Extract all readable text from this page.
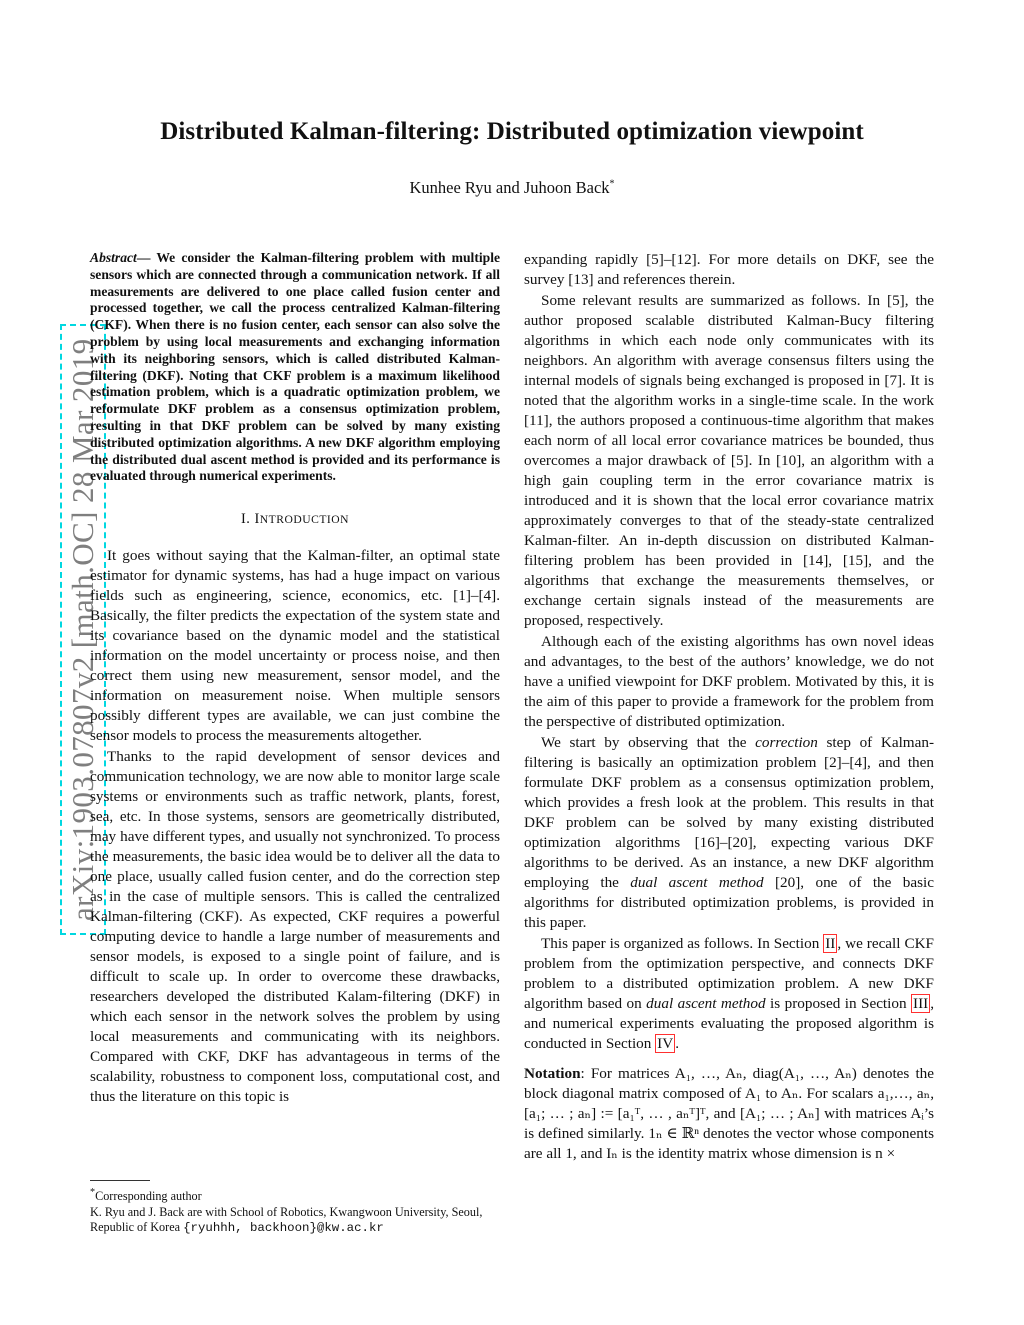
Distributed Kalman-filtering: Distributed optimization viewpoint
Kunhee Ryu and Juhoon Back*
arXiv:1903.07807v2 [math.OC] 28 Mar 2019
Abstract— We consider the Kalman-filtering problem with multiple sensors which are connected through a communication network. If all measurements are delivered to one place called fusion center and processed together, we call the process centralized Kalman-filtering (CKF). When there is no fusion center, each sensor can also solve the problem by using local measurements and exchanging information with its neighboring sensors, which is called distributed Kalman-filtering (DKF). Noting that CKF problem is a maximum likelihood estimation problem, which is a quadratic optimization problem, we reformulate DKF problem as a consensus optimization problem, resulting in that DKF problem can be solved by many existing distributed optimization algorithms. A new DKF algorithm employing the distributed dual ascent method is provided and its performance is evaluated through numerical experiments.
I. INTRODUCTION

It goes without saying that the Kalman-filter, an optimal state estimator for dynamic systems, has had a huge impact on various fields such as engineering, science, economics, etc. [1]–[4]. Basically, the filter predicts the expectation of the system state and its covariance based on the dynamic model and the statistical information on the model uncertainty or process noise, and then correct them using new measurement, sensor model, and the information on measurement noise. When multiple sensors possibly different types are available, we can just combine the sensor models to process the measurements altogether.

Thanks to the rapid development of sensor devices and communication technology, we are now able to monitor large scale systems or environments such as traffic network, plants, forest, sea, etc. In those systems, sensors are geometrically distributed, may have different types, and usually not synchronized. To process the measurements, the basic idea would be to deliver all the data to one place, usually called fusion center, and do the correction step as in the case of multiple sensors. This is called the centralized Kalman-filtering (CKF). As expected, CKF requires a powerful computing device to handle a large number of measurements and sensor models, is exposed to a single point of failure, and is difficult to scale up. In order to overcome these drawbacks, researchers developed the distributed Kalam-filtering (DKF) in which each sensor in the network solves the problem by using local measurements and communicating with its neighbors. Compared with CKF, DKF has advantageous in terms of the scalability, robustness to component loss, computational cost, and thus the literature on this topic is

*Corresponding author
K. Ryu and J. Back are with School of Robotics, Kwangwoon University, Seoul, Republic of Korea {ryuhhh, backhoon}@kw.ac.kr

expanding rapidly [5]–[12]. For more details on DKF, see the survey [13] and references therein.

Some relevant results are summarized as follows. In [5], the author proposed scalable distributed Kalman-Bucy filtering algorithms in which each node only communicates with its neighbors. An algorithm with average consensus filters using the internal models of signals being exchanged is proposed in [7]. It is noted that the algorithm works in a single-time scale. In the work [11], the authors proposed a continuous-time algorithm that makes each norm of all local error covariance matrices be bounded, thus overcomes a major drawback of [5]. In [10], an algorithm with a high gain coupling term in the error covariance matrix is introduced and it is shown that the local error covariance matrix approximately converges to that of the steady-state centralized Kalman-filter. An in-depth discussion on distributed Kalman-filtering problem has been provided in [14], [15], and the algorithms that exchange the measurements themselves, or exchange certain signals instead of the measurements are proposed, respectively.

Although each of the existing algorithms has own novel ideas and advantages, to the best of the authors’ knowledge, we do not have a unified viewpoint for DKF problem. Motivated by this, it is the aim of this paper to provide a framework for the problem from the perspective of distributed optimization.

We start by observing that the correction step of Kalman-filtering is basically an optimization problem [2]–[4], and then formulate DKF problem as a consensus optimization problem, which provides a fresh look at the problem. This results in that DKF problem can be solved by many existing distributed optimization algorithms [16]–[20], expecting various DKF algorithms to be derived. As an instance, a new DKF algorithm employing the dual ascent method [20], one of the basic algorithms for distributed optimization problems, is provided in this paper.

This paper is organized as follows. In Section II , we recall CKF problem from the optimization perspective, and connects DKF problem to a distributed optimization problem. A new DKF algorithm based on dual ascent method is proposed in Section III , and numerical experiments evaluating the proposed algorithm is conducted in Section IV .

Notation: For matrices A₁, …, Aₙ, diag(A₁, …, Aₙ) denotes the block diagonal matrix composed of A₁ to Aₙ. For scalars a₁,…, aₙ, [a₁; … ; aₙ] := [a₁ᵀ, … , aₙᵀ]ᵀ, and [A₁; … ; Aₙ] with matrices Aᵢ’s is defined similarly. 1ₙ ∈ ℝⁿ denotes the vector whose components are all 1, and Iₙ is the identity matrix whose dimension is n ×
